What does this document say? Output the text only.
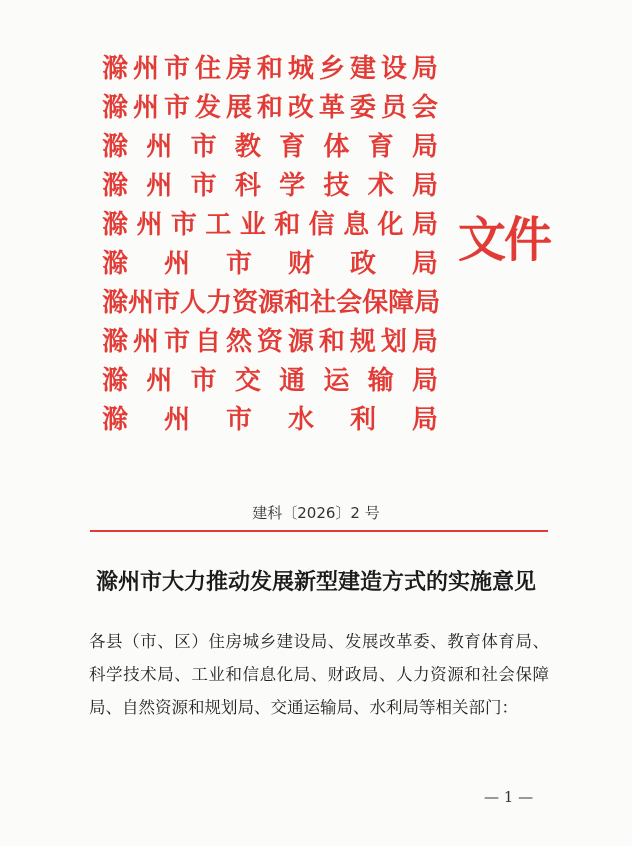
滁 州 市 住 房 和 城 乡 建 设 局
滁 州 市 发 展 和 改 革 委 员 会
滁 州 市 教 育 体 育 局
滁 州 市 科 学 技 术 局
滁 州 市 工 业 和 信 息 化 局
滁 州 市 财 政 局
滁 州 市 人 力 资 源 和 社 会 保 障 局
滁 州 市 自 然 资 源 和 规 划 局
滁 州 市 交 通 运 输 局
滁 州 市 水 利 局
文件
建科〔2026〕2 号
滁州市大力推动发展新型建造方式的实施意见
各县（市、区）住房城乡建设局、发展改革委、教育体育局、科学技术局、工业和信息化局、财政局、人力资源和社会保障局、自然资源和规划局、交通运输局、水利局等相关部门：
— 1 —
